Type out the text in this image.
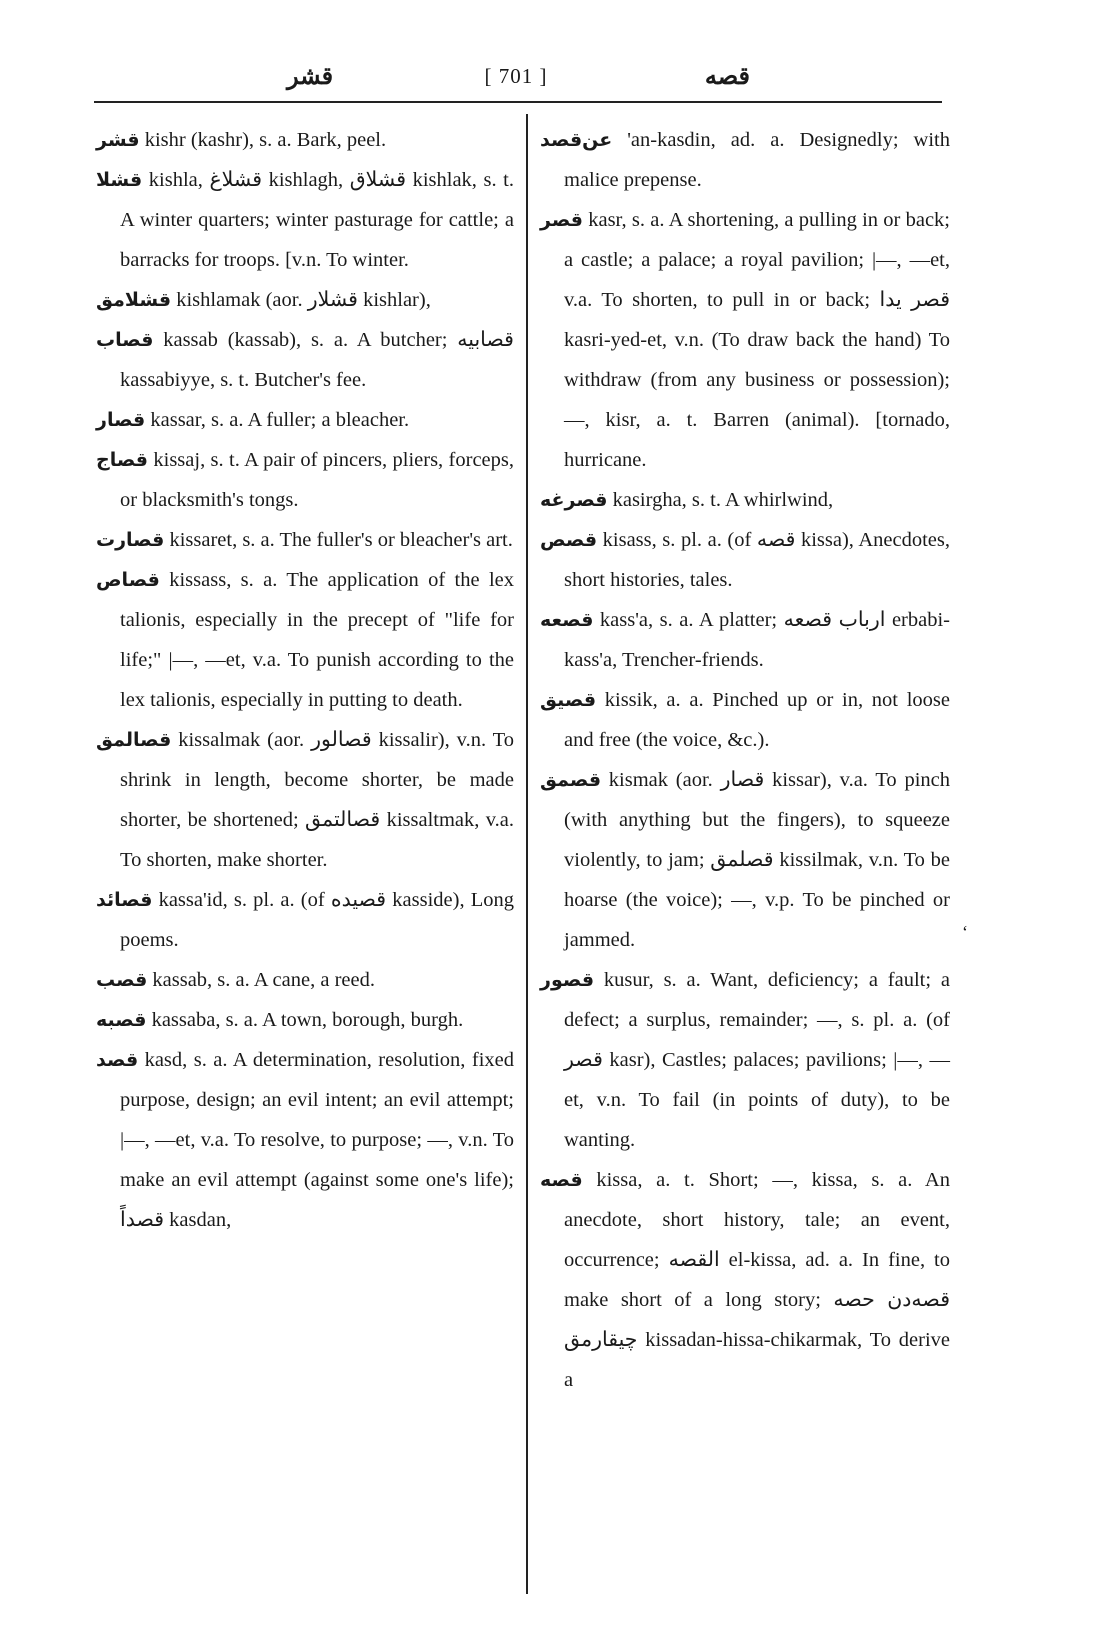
قشر	[ 701 ]	قصه

قشر kishr (kashr), s. a. Bark, peel.

قشلا kishla, قشلاغ kishlagh, قشلاق kishlak, s. t. A winter quarters; winter pasturage for cattle; a barracks for troops. [v.n. To winter.

قشلامق kishlamak (aor. قشلار kishlar),

قصاب kassab (kassab), s. a. A butcher; قصابیه kassabiyye, s. t. Butcher's fee.

قصار kassar, s. a. A fuller; a bleacher.

قصاج kissaj, s. t. A pair of pincers, pliers, forceps, or blacksmith's tongs.

قصارت kissaret, s. a. The fuller's or bleacher's art.

قصاص kissass, s. a. The application of the lex talionis, especially in the precept of "life for life;" |—, —et, v.a. To punish according to the lex talionis, especially in putting to death.

قصالمق kissalmak (aor. قصالور kissalir), v.n. To shrink in length, become shorter, be made shorter, be shortened; قصالتمق kissaltmak, v.a. To shorten, make shorter.

قصائد kassa'id, s. pl. a. (of قصیده kasside), Long poems.

قصب kassab, s. a. A cane, a reed.

قصبه kassaba, s. a. A town, borough, burgh.

قصد kasd, s. a. A determination, resolution, fixed purpose, design; an evil intent; an evil attempt; |—, —et, v.a. To resolve, to purpose; —, v.n. To make an evil attempt (against some one's life); قصداً kasdan,

عن‌قصد 'an-kasdin, ad. a. Designedly; with malice prepense.

قصر kasr, s. a. A shortening, a pulling in or back; a castle; a palace; a royal pavilion; |—, —et, v.a. To shorten, to pull in or back; قصر يدا kasri-yed-et, v.n. (To draw back the hand) To withdraw (from any business or possession); —, kisr, a. t. Barren (animal). [tornado, hurricane.

قصرغه kasirgha, s. t. A whirlwind,

قصص kisass, s. pl. a. (of قصه kissa), Anecdotes, short histories, tales.

قصعه kass'a, s. a. A platter; ارباب قصعه erbabi-kass'a, Trencher-friends.

قصيق kissik, a. a. Pinched up or in, not loose and free (the voice, &c.).

قصمق kismak (aor. قصار kissar), v.a. To pinch (with anything but the fingers), to squeeze violently, to jam; قصلمق kissilmak, v.n. To be hoarse (the voice); —, v.p. To be pinched or jammed.

قصور kusur, s. a. Want, deficiency; a fault; a defect; a surplus, remainder; —, s. pl. a. (of قصر kasr), Castles; palaces; pavilions; |—, —et, v.n. To fail (in points of duty), to be wanting.

قصه kissa, a. t. Short; —, kissa, s. a. An anecdote, short history, tale; an event, occurrence; القصه el-kissa, ad. a. In fine, to make short of a long story; قصه‌دن حصه چیقارمق kissadan-hissa-chikarmak, To derive a

ʻ
